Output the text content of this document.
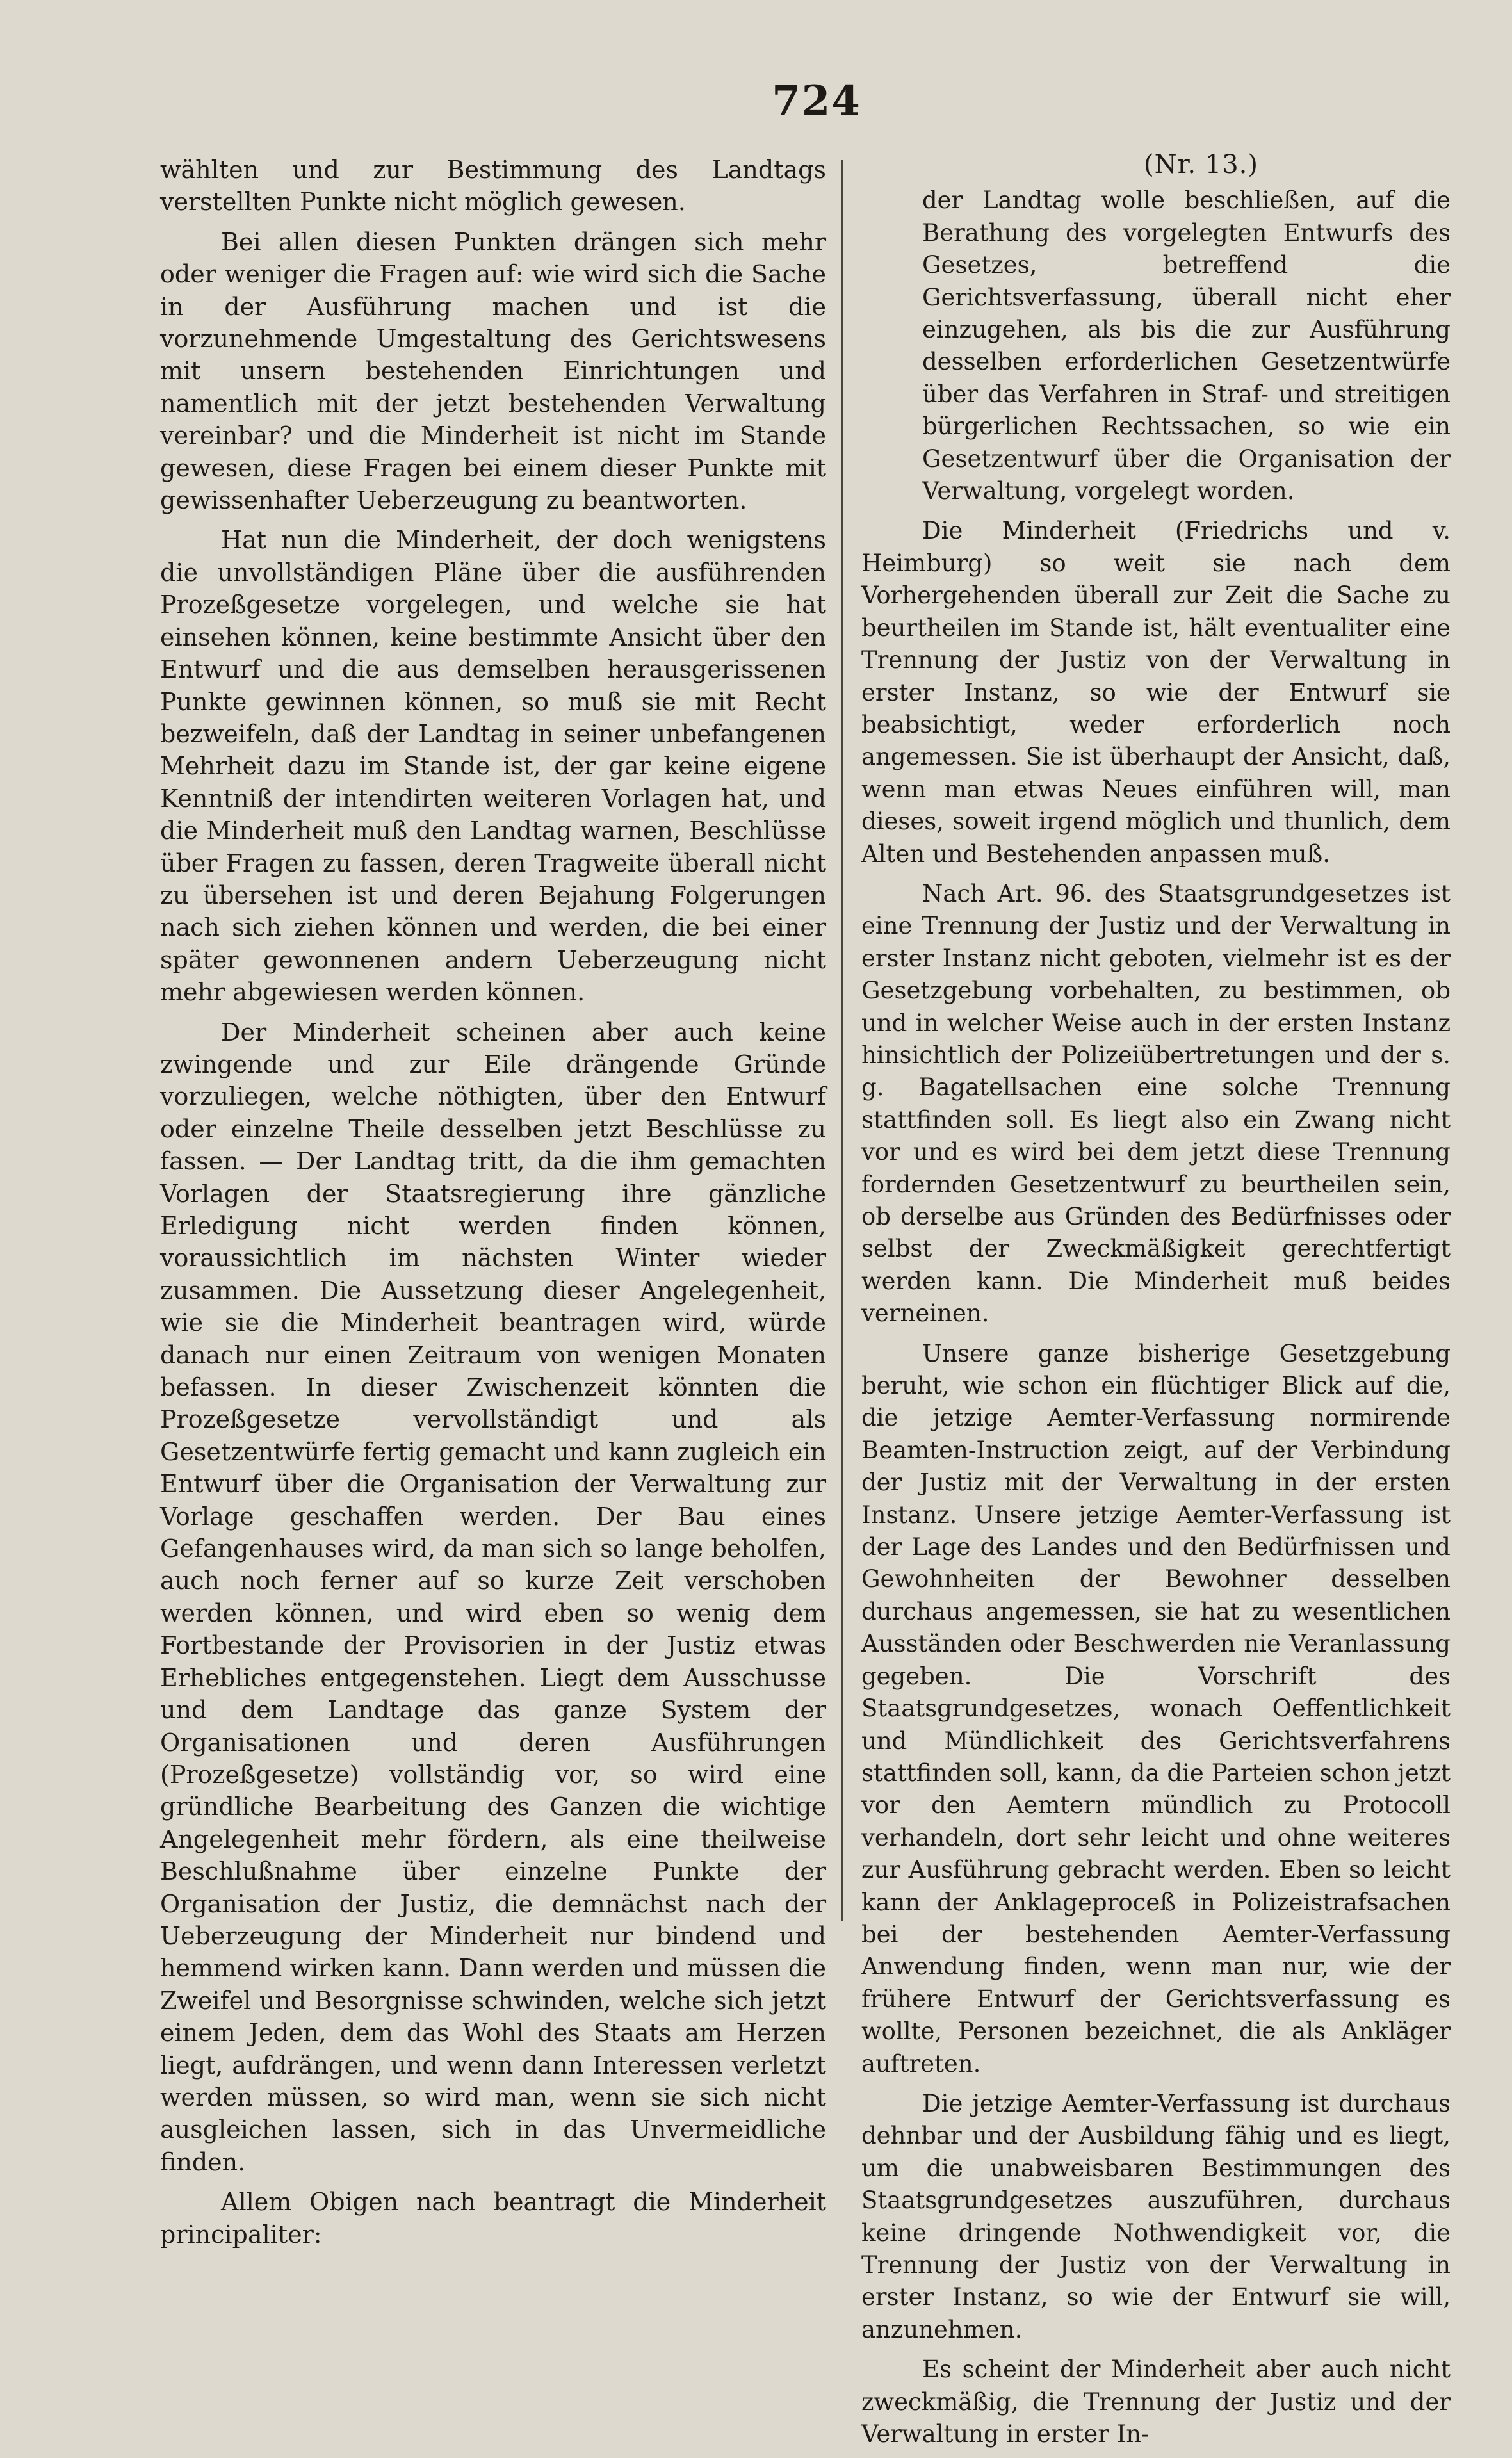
724

wählten und zur Bestimmung des Landtags verstellten Punkte nicht möglich gewesen.

Bei allen diesen Punkten drängen sich mehr oder weniger die Fragen auf: wie wird sich die Sache in der Ausführung machen und ist die vorzunehmende Umgestaltung des Gerichtswesens mit unsern bestehenden Einrichtungen und namentlich mit der jetzt bestehenden Verwaltung vereinbar? und die Minderheit ist nicht im Stande gewesen, diese Fragen bei einem dieser Punkte mit gewissenhafter Ueberzeugung zu beantworten.

Hat nun die Minderheit, der doch wenigstens die unvollständigen Pläne über die ausführenden Prozeßgesetze vorgelegen, und welche sie hat einsehen können, keine bestimmte Ansicht über den Entwurf und die aus demselben herausgerissenen Punkte gewinnen können, so muß sie mit Recht bezweifeln, daß der Landtag in seiner unbefangenen Mehrheit dazu im Stande ist, der gar keine eigene Kenntniß der intendirten weiteren Vorlagen hat, und die Minderheit muß den Landtag warnen, Beschlüsse über Fragen zu fassen, deren Tragweite überall nicht zu übersehen ist und deren Bejahung Folgerungen nach sich ziehen können und werden, die bei einer später gewonnenen andern Ueberzeugung nicht mehr abgewiesen werden können.

Der Minderheit scheinen aber auch keine zwingende und zur Eile drängende Gründe vorzuliegen, welche nöthigten, über den Entwurf oder einzelne Theile desselben jetzt Beschlüsse zu fassen. — Der Landtag tritt, da die ihm gemachten Vorlagen der Staatsregierung ihre gänzliche Erledigung nicht werden finden können, voraussichtlich im nächsten Winter wieder zusammen. Die Aussetzung dieser Angelegenheit, wie sie die Minderheit beantragen wird, würde danach nur einen Zeitraum von wenigen Monaten befassen. In dieser Zwischenzeit könnten die Prozeßgesetze vervollständigt und als Gesetzentwürfe fertig gemacht und kann zugleich ein Entwurf über die Organisation der Verwaltung zur Vorlage geschaffen werden. Der Bau eines Gefangenhauses wird, da man sich so lange beholfen, auch noch ferner auf so kurze Zeit verschoben werden können, und wird eben so wenig dem Fortbestande der Provisorien in der Justiz etwas Erhebliches entgegenstehen. Liegt dem Ausschusse und dem Landtage das ganze System der Organisationen und deren Ausführungen (Prozeßgesetze) vollständig vor, so wird eine gründliche Bearbeitung des Ganzen die wichtige Angelegenheit mehr fördern, als eine theilweise Beschlußnahme über einzelne Punkte der Organisation der Justiz, die demnächst nach der Ueberzeugung der Minderheit nur bindend und hemmend wirken kann. Dann werden und müssen die Zweifel und Besorgnisse schwinden, welche sich jetzt einem Jeden, dem das Wohl des Staats am Herzen liegt, aufdrängen, und wenn dann Interessen verletzt werden müssen, so wird man, wenn sie sich nicht ausgleichen lassen, sich in das Unvermeidliche finden.

Allem Obigen nach beantragt die Minderheit principaliter:

(Nr. 13.)

der Landtag wolle beschließen, auf die Berathung des vorgelegten Entwurfs des Gesetzes, betreffend die Gerichtsverfassung, überall nicht eher einzugehen, als bis die zur Ausführung desselben erforderlichen Gesetzentwürfe über das Verfahren in Straf- und streitigen bürgerlichen Rechtssachen, so wie ein Gesetzentwurf über die Organisation der Verwaltung, vorgelegt worden.

Die Minderheit (Friedrichs und v. Heimburg) so weit sie nach dem Vorhergehenden überall zur Zeit die Sache zu beurtheilen im Stande ist, hält eventualiter eine Trennung der Justiz von der Verwaltung in erster Instanz, so wie der Entwurf sie beabsichtigt, weder erforderlich noch angemessen. Sie ist überhaupt der Ansicht, daß, wenn man etwas Neues einführen will, man dieses, soweit irgend möglich und thunlich, dem Alten und Bestehenden anpassen muß.

Nach Art. 96. des Staatsgrundgesetzes ist eine Trennung der Justiz und der Verwaltung in erster Instanz nicht geboten, vielmehr ist es der Gesetzgebung vorbehalten, zu bestimmen, ob und in welcher Weise auch in der ersten Instanz hinsichtlich der Polizeiübertretungen und der s. g. Bagatellsachen eine solche Trennung stattfinden soll. Es liegt also ein Zwang nicht vor und es wird bei dem jetzt diese Trennung fordernden Gesetzentwurf zu beurtheilen sein, ob derselbe aus Gründen des Bedürfnisses oder selbst der Zweckmäßigkeit gerechtfertigt werden kann. Die Minderheit muß beides verneinen.

Unsere ganze bisherige Gesetzgebung beruht, wie schon ein flüchtiger Blick auf die, die jetzige Aemter-Verfassung normirende Beamten-Instruction zeigt, auf der Verbindung der Justiz mit der Verwaltung in der ersten Instanz. Unsere jetzige Aemter-Verfassung ist der Lage des Landes und den Bedürfnissen und Gewohnheiten der Bewohner desselben durchaus angemessen, sie hat zu wesentlichen Ausständen oder Beschwerden nie Veranlassung gegeben. Die Vorschrift des Staatsgrundgesetzes, wonach Oeffentlichkeit und Mündlichkeit des Gerichtsverfahrens stattfinden soll, kann, da die Parteien schon jetzt vor den Aemtern mündlich zu Protocoll verhandeln, dort sehr leicht und ohne weiteres zur Ausführung gebracht werden. Eben so leicht kann der Anklageproceß in Polizeistrafsachen bei der bestehenden Aemter-Verfassung Anwendung finden, wenn man nur, wie der frühere Entwurf der Gerichtsverfassung es wollte, Personen bezeichnet, die als Ankläger auftreten.

Die jetzige Aemter-Verfassung ist durchaus dehnbar und der Ausbildung fähig und es liegt, um die unabweisbaren Bestimmungen des Staatsgrundgesetzes auszuführen, durchaus keine dringende Nothwendigkeit vor, die Trennung der Justiz von der Verwaltung in erster Instanz, so wie der Entwurf sie will, anzunehmen.

Es scheint der Minderheit aber auch nicht zweckmäßig, die Trennung der Justiz und der Verwaltung in erster In-
